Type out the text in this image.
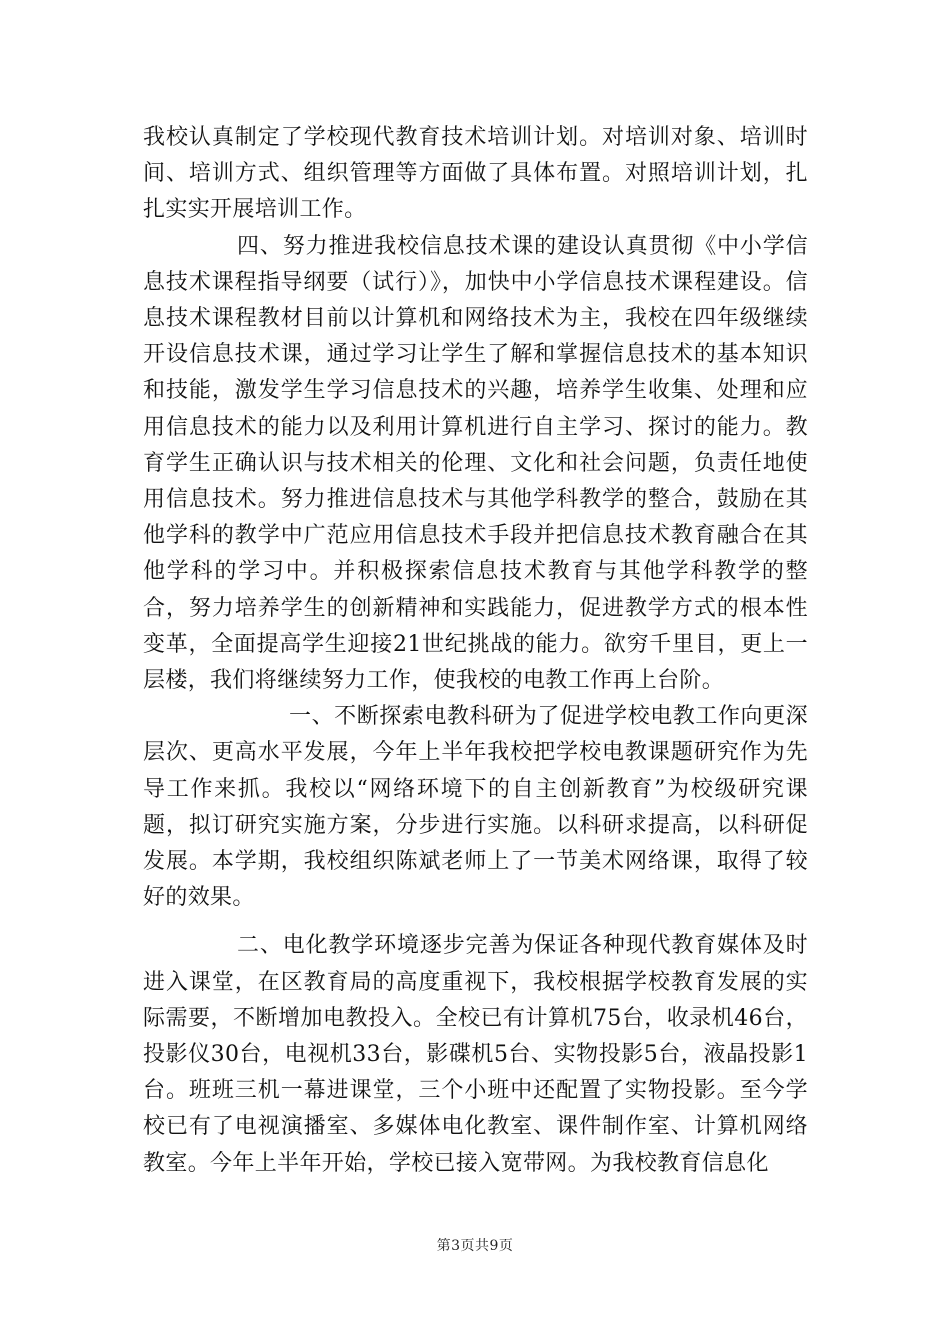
我校认真制定了学校现代教育技术培训计划。对培训对象、培训时间、培训方式、组织管理等方面做了具体布置。对照培训计划，扎扎实实开展培训工作。

四、努力推进我校信息技术课的建设认真贯彻《中小学信息技术课程指导纲要（试行）》，加快中小学信息技术课程建设。信息技术课程教材目前以计算机和网络技术为主，我校在四年级继续开设信息技术课，通过学习让学生了解和掌握信息技术的基本知识和技能，激发学生学习信息技术的兴趣，培养学生收集、处理和应用信息技术的能力以及利用计算机进行自主学习、探讨的能力。教育学生正确认识与技术相关的伦理、文化和社会问题，负责任地使用信息技术。努力推进信息技术与其他学科教学的整合，鼓励在其他学科的教学中广范应用信息技术手段并把信息技术教育融合在其他学科的学习中。并积极探索信息技术教育与其他学科教学的整合，努力培养学生的创新精神和实践能力，促进教学方式的根本性变革，全面提高学生迎接21世纪挑战的能力。欲穷千里目，更上一层楼，我们将继续努力工作，使我校的电教工作再上台阶。

一、不断探索电教科研为了促进学校电教工作向更深层次、更高水平发展，今年上半年我校把学校电教课题研究作为先导工作来抓。我校以“网络环境下的自主创新教育”为校级研究课题，拟订研究实施方案，分步进行实施。以科研求提高，以科研促发展。本学期，我校组织陈斌老师上了一节美术网络课，取得了较好的效果。

二、电化教学环境逐步完善为保证各种现代教育媒体及时进入课堂，在区教育局的高度重视下，我校根据学校教育发展的实际需要，不断增加电教投入。全校已有计算机75台，收录机46台，投影仪30台，电视机33台，影碟机5台、实物投影5台，液晶投影1台。班班三机一幕进课堂，三个小班中还配置了实物投影。至今学校已有了电视演播室、多媒体电化教室、课件制作室、计算机网络教室。今年上半年开始，学校已接入宽带网。为我校教育信息化

第3页共9页
